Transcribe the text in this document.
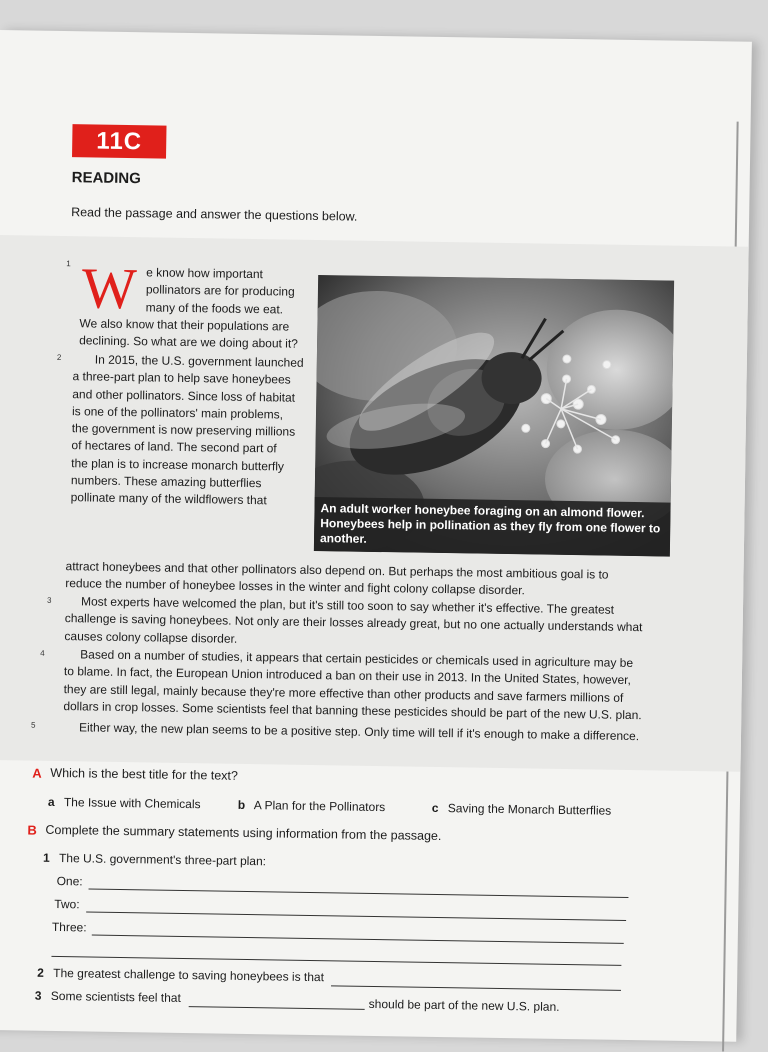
11C
READING
Read the passage and answer the questions below.
1 W e know how important
pollinators are for producing
many of the foods we eat.
We also know that their populations are
declining. So what are we doing about it?
2	In 2015, the U.S. government launched
a three-part plan to help save honeybees
and other pollinators. Since loss of habitat
is one of the pollinators' main problems,
the government is now preserving millions
of hectares of land. The second part of
the plan is to increase monarch butterfly
numbers. These amazing butterflies
pollinate many of the wildflowers that
An adult worker honeybee foraging on an almond flower. Honeybees help in pollination as they fly from one flower to another.
attract honeybees and that other pollinators also depend on. But perhaps the most ambitious goal is to reduce the number of honeybee losses in the winter and fight colony collapse disorder.
3	Most experts have welcomed the plan, but it's still too soon to say whether it's effective. The greatest challenge is saving honeybees. Not only are their losses already great, but no one actually understands what causes colony collapse disorder.
4	Based on a number of studies, it appears that certain pesticides or chemicals used in agriculture may be to blame. In fact, the European Union introduced a ban on their use in 2013. In the United States, however, they are still legal, mainly because they're more effective than other products and save farmers millions of dollars in crop losses. Some scientists feel that banning these pesticides should be part of the new U.S. plan.
5	Either way, the new plan seems to be a positive step. Only time will tell if it's enough to make a difference.
A Which is the best title for the text?
a The Issue with Chemicals	b A Plan for the Pollinators	c Saving the Monarch Butterflies
B Complete the summary statements using information from the passage.
1 The U.S. government's three-part plan:
One:
Two:
Three:
2 The greatest challenge to saving honeybees is that
3 Some scientists feel that	should be part of the new U.S. plan.
